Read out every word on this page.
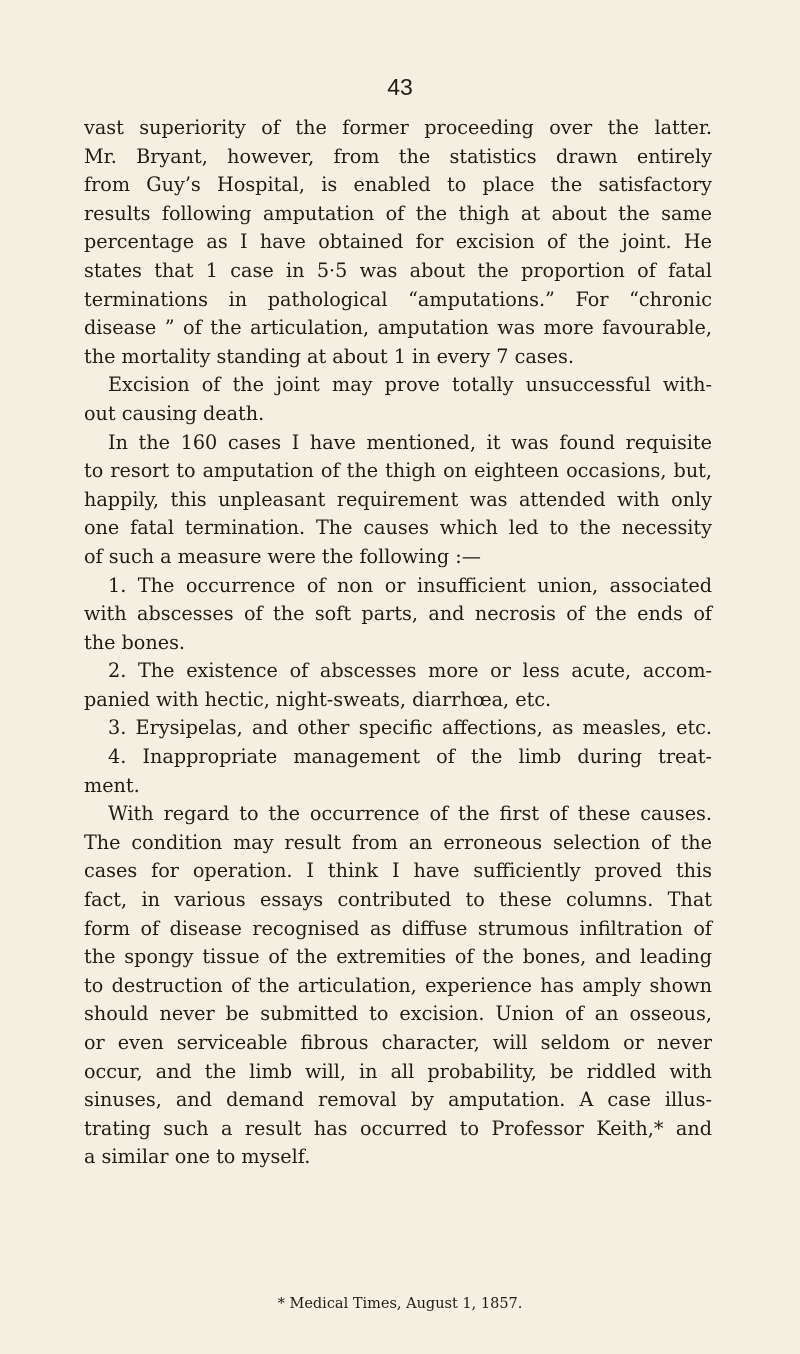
43
vast superiority of the former proceeding over the latter.
Mr. Bryant, however, from the statistics drawn entirely
from Guy’s Hospital, is enabled to place the satisfactory
results following amputation of the thigh at about the same
percentage as I have obtained for excision of the joint. He
states that 1 case in 5·5 was about the proportion of fatal
terminations in pathological “amputations.” For “chronic
disease ” of the articulation, amputation was more favourable,
the mortality standing at about 1 in every 7 cases.
Excision of the joint may prove totally unsuccessful with-
out causing death.
In the 160 cases I have mentioned, it was found requisite
to resort to amputation of the thigh on eighteen occasions, but,
happily, this unpleasant requirement was attended with only
one fatal termination. The causes which led to the necessity
of such a measure were the following :—
1. The occurrence of non or insufficient union, associated
with abscesses of the soft parts, and necrosis of the ends of
the bones.
2. The existence of abscesses more or less acute, accom-
panied with hectic, night-sweats, diarrhœa, etc.
3. Erysipelas, and other specific affections, as measles, etc.
4. Inappropriate management of the limb during treat-
ment.
With regard to the occurrence of the first of these causes.
The condition may result from an erroneous selection of the
cases for operation. I think I have sufficiently proved this
fact, in various essays contributed to these columns. That
form of disease recognised as diffuse strumous infiltration of
the spongy tissue of the extremities of the bones, and leading
to destruction of the articulation, experience has amply shown
should never be submitted to excision. Union of an osseous,
or even serviceable fibrous character, will seldom or never
occur, and the limb will, in all probability, be riddled with
sinuses, and demand removal by amputation. A case illus-
trating such a result has occurred to Professor Keith,* and
a similar one to myself.
* Medical Times, August 1, 1857.
